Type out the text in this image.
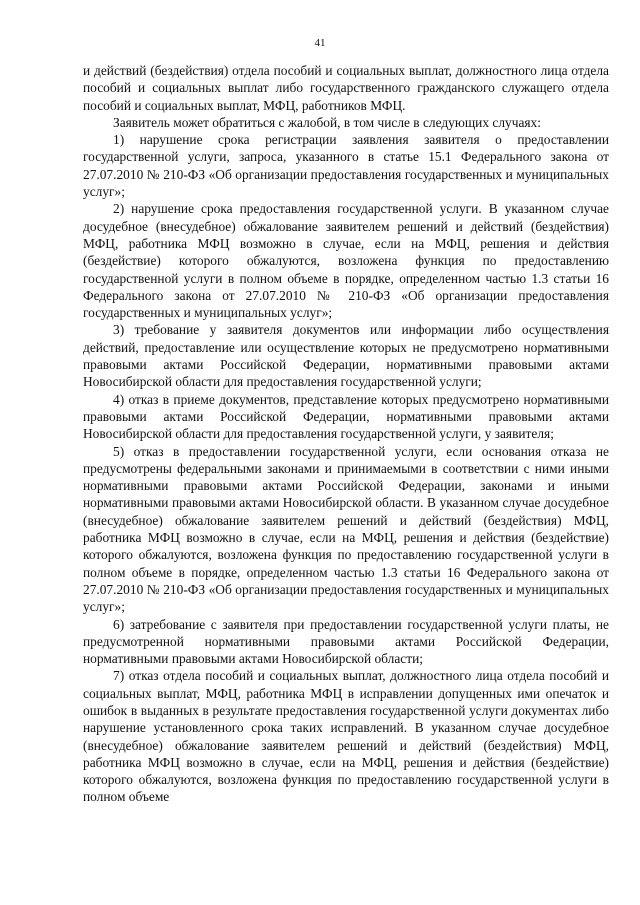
41

и действий (бездействия) отдела пособий и социальных выплат, должностного лица отдела пособий и социальных выплат либо государственного гражданского служащего отдела пособий и социальных выплат, МФЦ, работников МФЦ.

Заявитель может обратиться с жалобой, в том числе в следующих случаях:

1) нарушение срока регистрации заявления заявителя о предоставлении государственной услуги, запроса, указанного в статье 15.1 Федерального закона от 27.07.2010 № 210-ФЗ «Об организации предоставления государственных и муниципальных услуг»;

2) нарушение срока предоставления государственной услуги. В указанном случае досудебное (внесудебное) обжалование заявителем решений и действий (бездействия) МФЦ, работника МФЦ возможно в случае, если на МФЦ, решения и действия (бездействие) которого обжалуются, возложена функция по предоставлению государственной услуги в полном объеме в порядке, определенном частью 1.3 статьи 16 Федерального закона от 27.07.2010 № 210-ФЗ «Об организации предоставления государственных и муниципальных услуг»;

3) требование у заявителя документов или информации либо осуществления действий, предоставление или осуществление которых не предусмотрено нормативными правовыми актами Российской Федерации, нормативными правовыми актами Новосибирской области для предоставления государственной услуги;

4) отказ в приеме документов, представление которых предусмотрено нормативными правовыми актами Российской Федерации, нормативными правовыми актами Новосибирской области для предоставления государственной услуги, у заявителя;

5) отказ в предоставлении государственной услуги, если основания отказа не предусмотрены федеральными законами и принимаемыми в соответствии с ними иными нормативными правовыми актами Российской Федерации, законами и иными нормативными правовыми актами Новосибирской области. В указанном случае досудебное (внесудебное) обжалование заявителем решений и действий (бездействия) МФЦ, работника МФЦ возможно в случае, если на МФЦ, решения и действия (бездействие) которого обжалуются, возложена функция по предоставлению государственной услуги в полном объеме в порядке, определенном частью 1.3 статьи 16 Федерального закона от 27.07.2010 № 210-ФЗ «Об организации предоставления государственных и муниципальных услуг»;

6) затребование с заявителя при предоставлении государственной услуги платы, не предусмотренной нормативными правовыми актами Российской Федерации, нормативными правовыми актами Новосибирской области;

7) отказ отдела пособий и социальных выплат, должностного лица отдела пособий и социальных выплат, МФЦ, работника МФЦ в исправлении допущенных ими опечаток и ошибок в выданных в результате предоставления государственной услуги документах либо нарушение установленного срока таких исправлений. В указанном случае досудебное (внесудебное) обжалование заявителем решений и действий (бездействия) МФЦ, работника МФЦ возможно в случае, если на МФЦ, решения и действия (бездействие) которого обжалуются, возложена функция по предоставлению государственной услуги в полном объеме
